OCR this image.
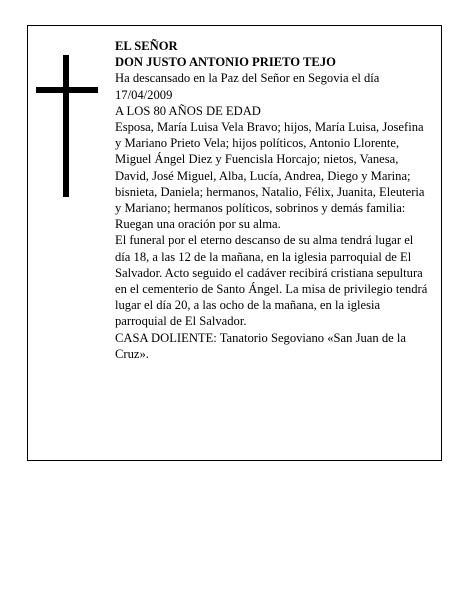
EL SEÑOR

DON JUSTO ANTONIO PRIETO TEJO

Ha descansado en la Paz del Señor en Segovia el día 17/04/2009

A LOS 80 AÑOS DE EDAD

Esposa, María Luisa Vela Bravo; hijos, María Luisa, Josefina y Mariano Prieto Vela; hijos políticos, Antonio Llorente, Miguel Ángel Diez y Fuencisla Horcajo; nietos, Vanesa, David, José Miguel, Alba, Lucía, Andrea, Diego y Marina; bisnieta, Daniela; hermanos, Natalio, Félix, Juanita, Eleuteria y Mariano; hermanos políticos, sobrinos y demás familia:

Ruegan una oración por su alma.

El funeral por el eterno descanso de su alma tendrá lugar el día 18, a las 12 de la mañana, en la iglesia parroquial de El Salvador. Acto seguido el cadáver recibirá cristiana sepultura en el cementerio de Santo Ángel. La misa de privilegio tendrá lugar el día 20, a las ocho de la mañana, en la iglesia parroquial de El Salvador.

CASA DOLIENTE: Tanatorio Segoviano «San Juan de la Cruz».
